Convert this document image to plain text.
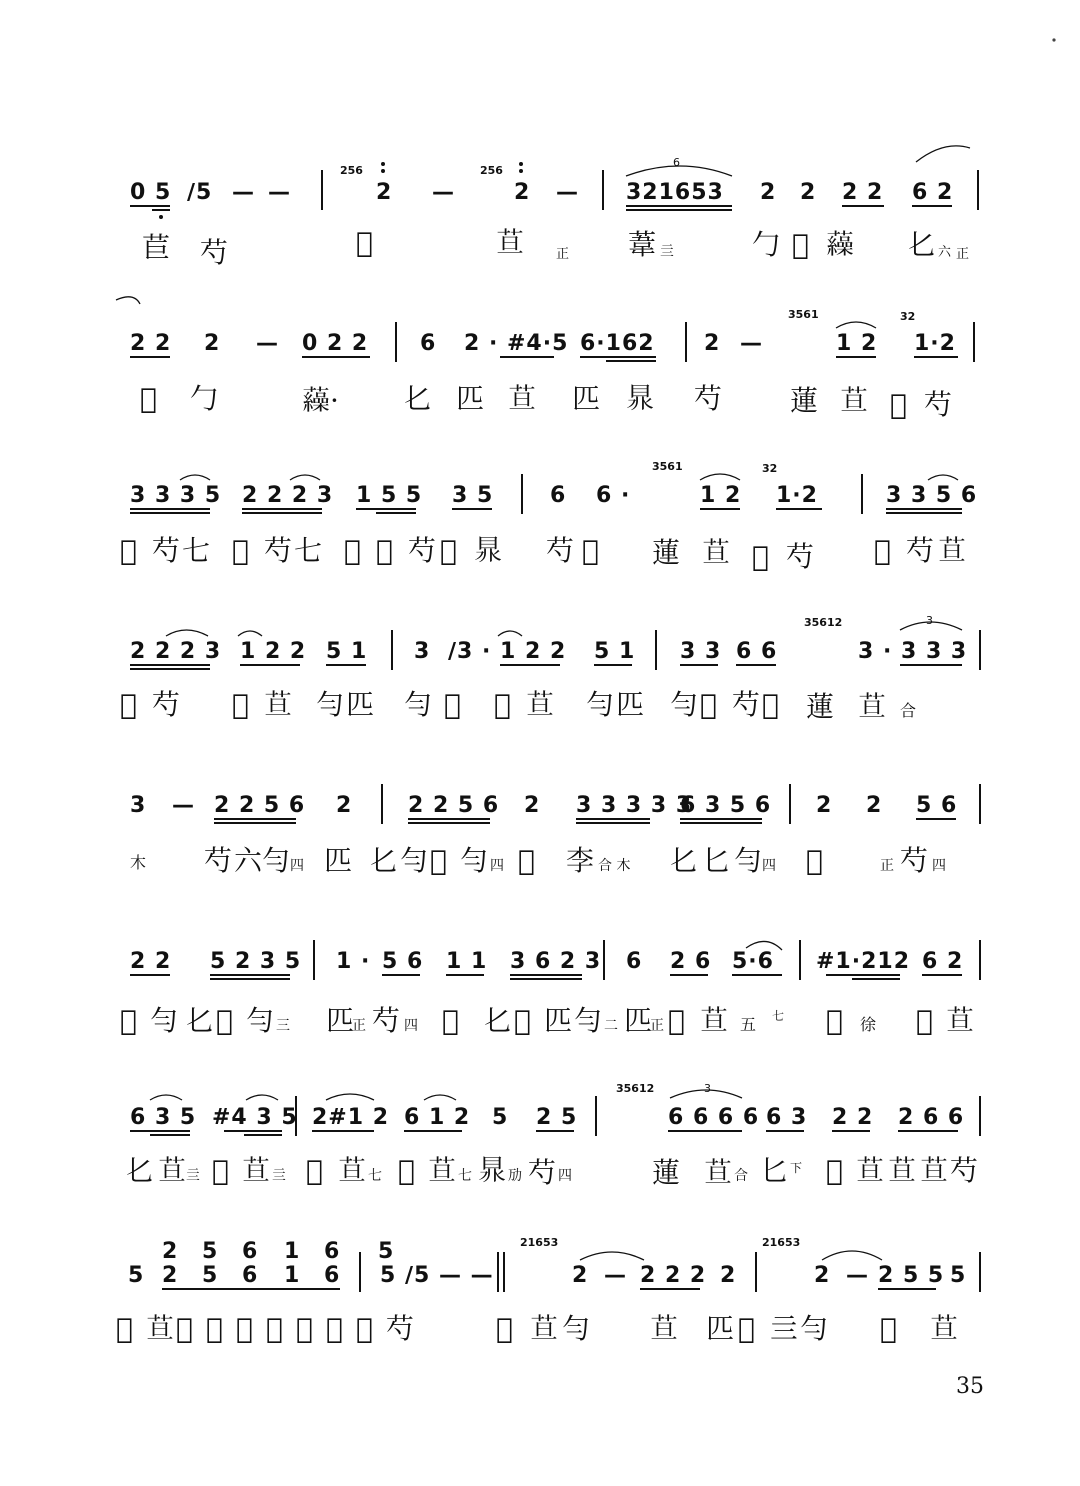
0 5 ∕5 — —
256
2 —
256
2 —
6
321653 2 2 2 2 6 2
苣 芍	𦬑	𦬹 正 葦 亖	勹 𩿵 𧅂 𠤎 六 正
2 2 2 — 0 2 2 6 2 · #4·5 6·162 2 —
3561
1 2
32
1·2
𦬑 勹	𧅂· 𠤎 匹 𦬹 匹 𥅀 芍 蓮 𦬹 𦬑 芍
3 3 3 5 2 2 2 3 1 5 5 3 5	6 6 ·
3561
1 2
32
1·2	3 3 5 6
𦬑 芍 七 𦬑 芍 七 𦬑 𦬑 芍 𦬑 𥅀 芍 𦬑 蓮 𦬹 𦬑 芍 𦬑 芍 𦬹
2 2 2 3 1 2 2 5 1 3 ∕3 · 1 2 2 5 1 3 3 6 6
35612
3 · 3 3 3
3
𦬑 芍 𦬑 𦬹 勻 匹 勻 𦬑 𦬑 𦬹 勻 匹 勻 𦬑 芍 𦬑 蓮 𦬹 合
3 — 2 2 5 6 2	2 2 5 6 2 3 3 3 3 3
6 3 5 6 2 2 5 6
木 芍 六 勻 四 匹 𠤎 勻 𦬑 勻 四 𦬑 李 合 木 𠤎 匕 勻 四 𦬑	正 芍 四
2 2 5 2 3 5 1 · 5 6 1 1 3 6 2 3 6 2 6 5·6 #1·212 6 2
𦬑 勻 𠤎 𦬑 勻 三 匹
正 芍 四 𦬑 𠤎 𦬑 匹 勻 二 匹
正 𦬑 𦬹 五 七 𦬑 徐 𦬑 𦬹
6 3 5 #4 3 5 2#1 2 6 1 2 5 2 5
35612
6 6 6 6
3
6 3 2 2 2 6 6
𠤎 𦬹 亖 𦬑 𦬹 亖 𦬑 𦬹 七 𦬑 𦬹 七 𥅀 劢 芍 四	蓮 𦬹 合 匕 下 𦬑 𦬹 𦬹 𦬹 芍
5
2
2
5
5
6
6
1
1
6
6
5
5 ∕5 — —
21653
2 — 2 2 2 2
21653
2 — 2 5 5 5
𦬑 𦬹 𦬑 𦬑 𦬑 𦬑 𦬑 𦬑 𦬑 芍	𦬑 𦬹 勻 𦬹 匹 𦬑 亖 勻 𦬑 𦬹
35
